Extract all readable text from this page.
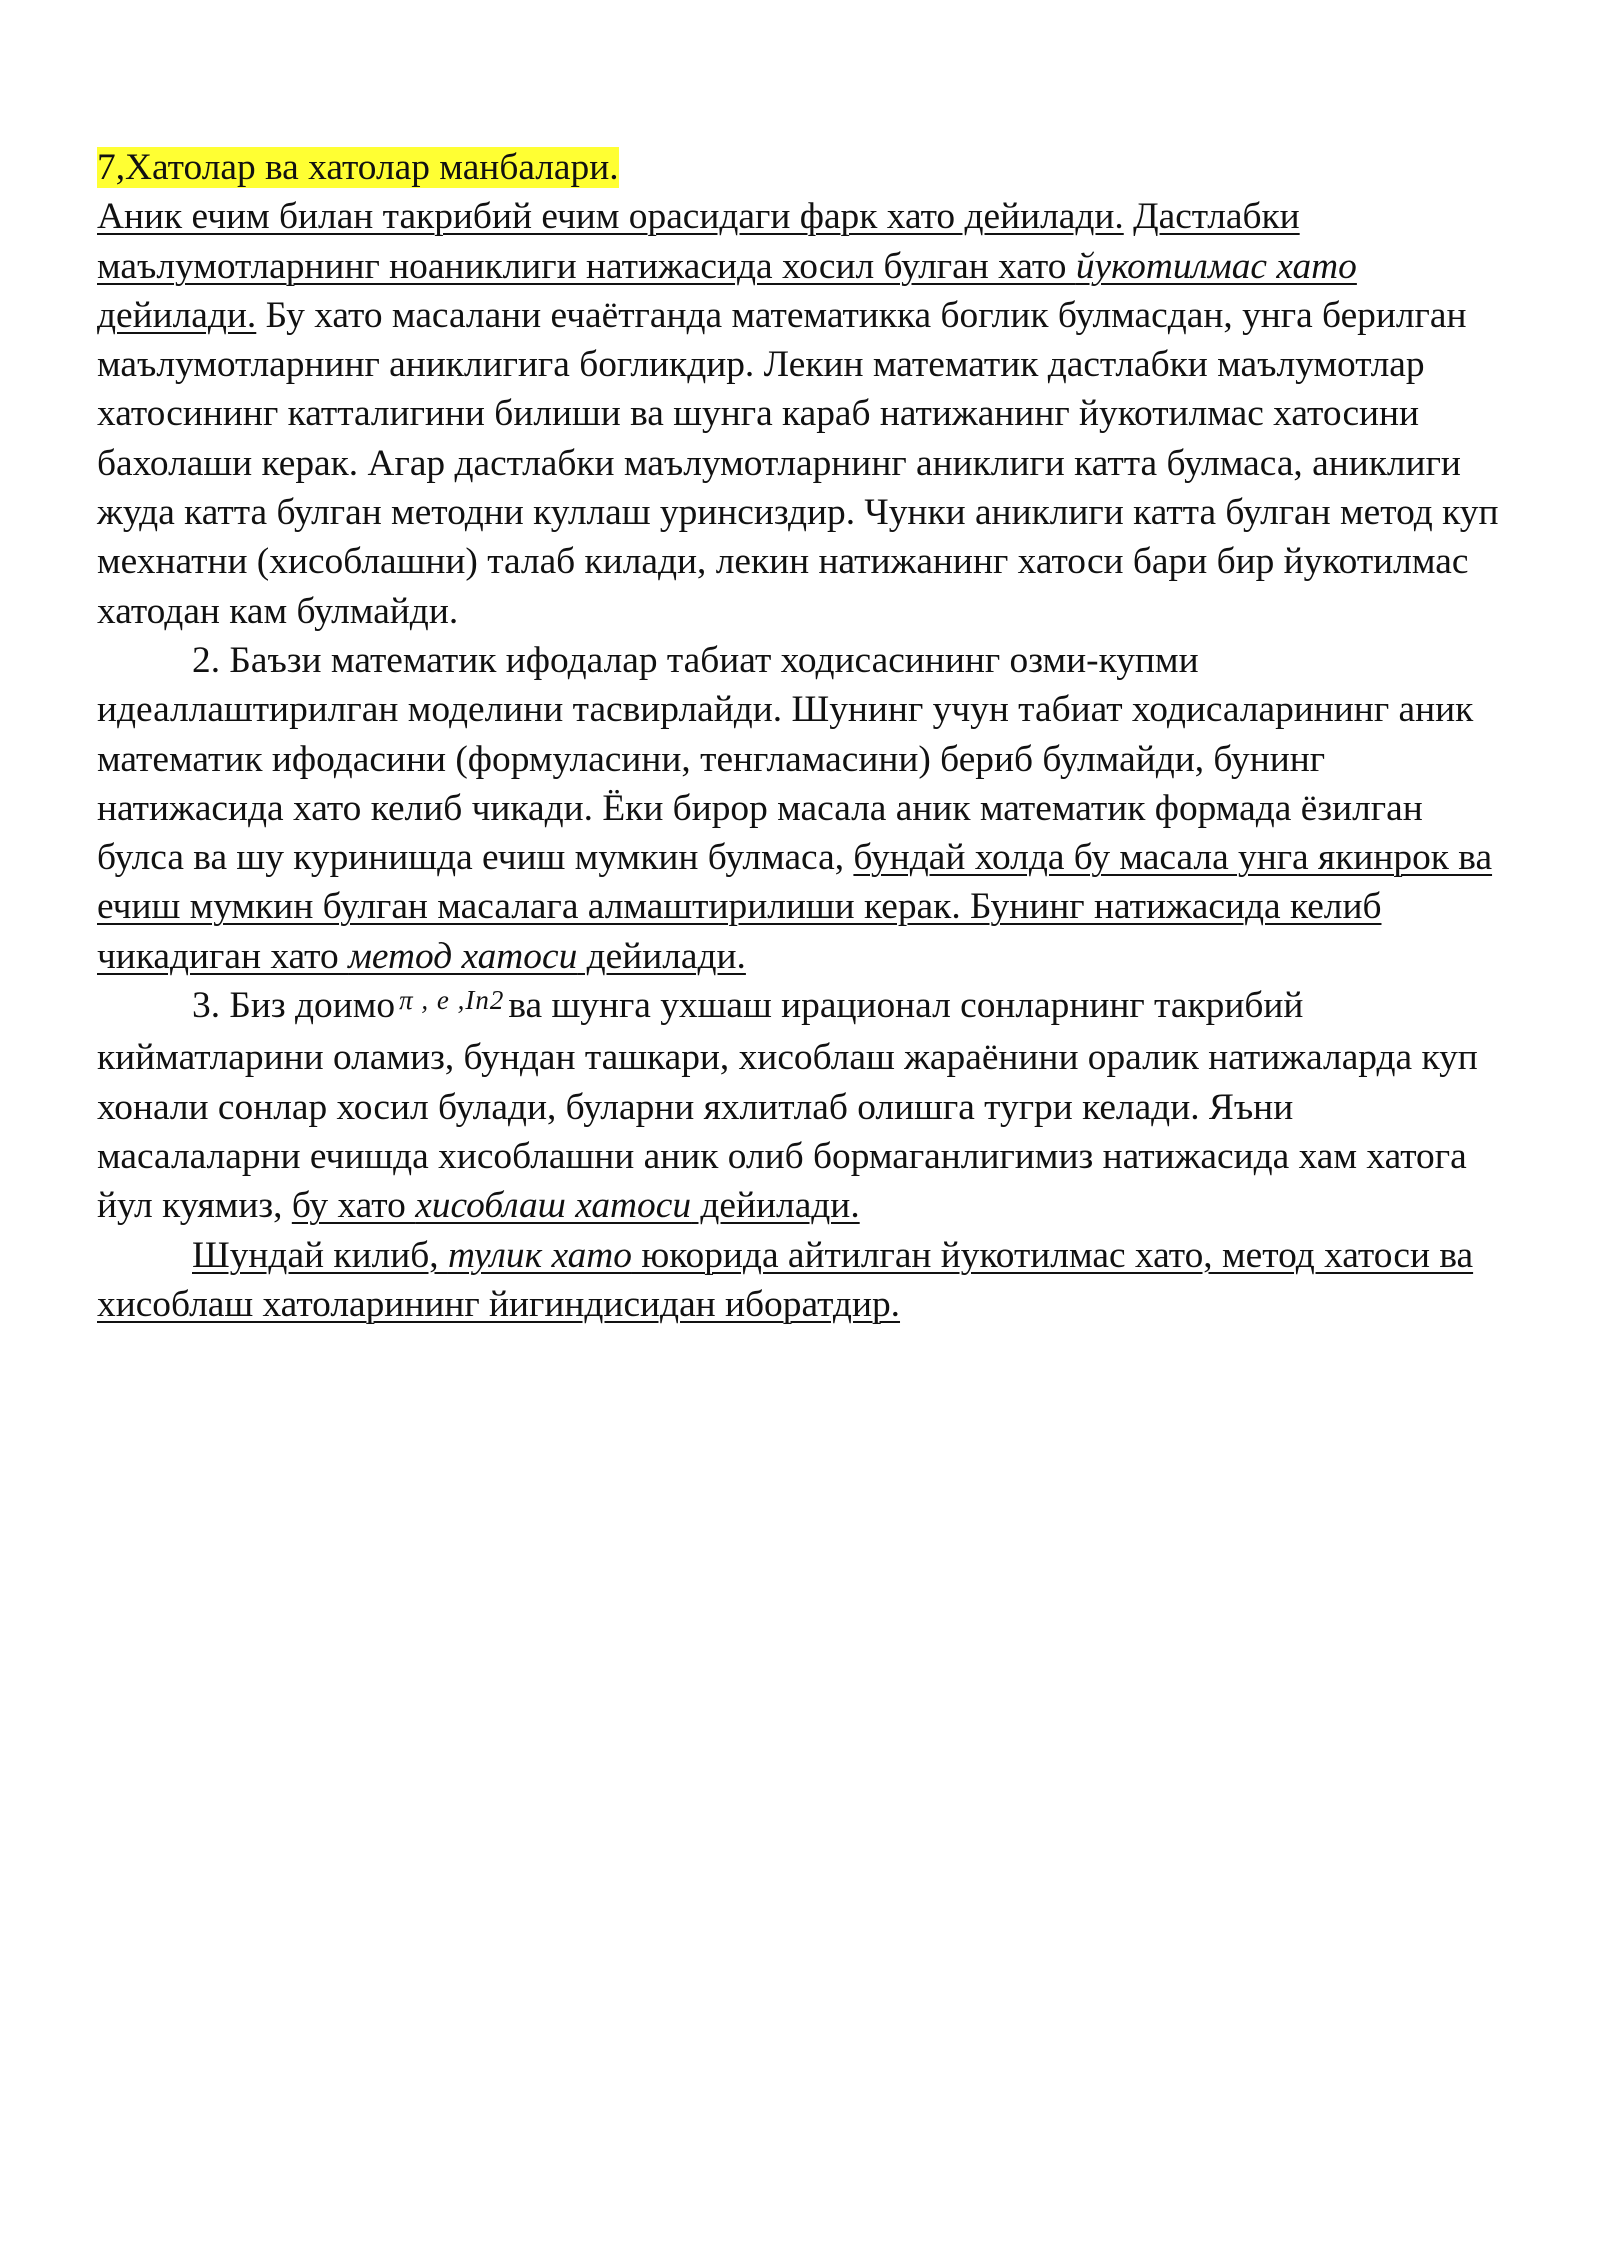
7,Хатолар ва хатолар манбалари.

Аник ечим билан такрибий ечим орасидаги фарк хато дейилади. Дастлабки маълумотларнинг ноаниклиги натижасида хосил булган хато йукотилмас хато дейилади. Бу хато масалани ечаётганда математикка боглик булмасдан, унга берилган маълумотларнинг аниклигига богликдир. Лекин математик дастлабки маълумотлар хатосининг катталигини билиши ва шунга караб натижанинг йукотилмас хатосини бахолаши керак. Агар дастлабки маълумотларнинг аниклиги катта булмаса, аниклиги жуда катта булган методни куллаш уринсиздир. Чунки аниклиги катта булган метод куп мехнатни (хисоблашни) талаб килади, лекин натижанинг хатоси бари бир йукотилмас хатодан кам булмайди.

2. Баъзи математик ифодалар табиат ходисасининг озми-купми идеаллаштирилган моделини тасвирлайди. Шунинг учун табиат ходисаларининг аник математик ифодасини (формуласини, тенгламасини) бериб булмайди, бунинг натижасида хато келиб чикади. Ёки бирор масала аник математик формада ёзилган булса ва шу куринишда ечиш мумкин булмаса, бундай холда бу масала унга якинрок ва ечиш мумкин булган масалага алмаштирилиши керак. Бунинг натижасида келиб чикадиган хато метод хатоси дейилади.

3. Биз доимо $^{\pi , e ,In2}$ ва шунга ухшаш ирационал сонларнинг такрибий кийматларини оламиз, бундан ташкари, хисоблаш жараёнини оралик натижаларда куп хонали сонлар хосил булади, буларни яхлитлаб олишга тугри келади. Яъни масалаларни ечишда хисоблашни аник олиб бормаганлигимиз натижасида хам хатога йул куямиз, бу хато хисоблаш хатоси дейилади.

Шундай килиб, тулик хато юкорида айтилган йукотилмас хато, метод хатоси ва хисоблаш хатоларининг йигиндисидан иборатдир.
